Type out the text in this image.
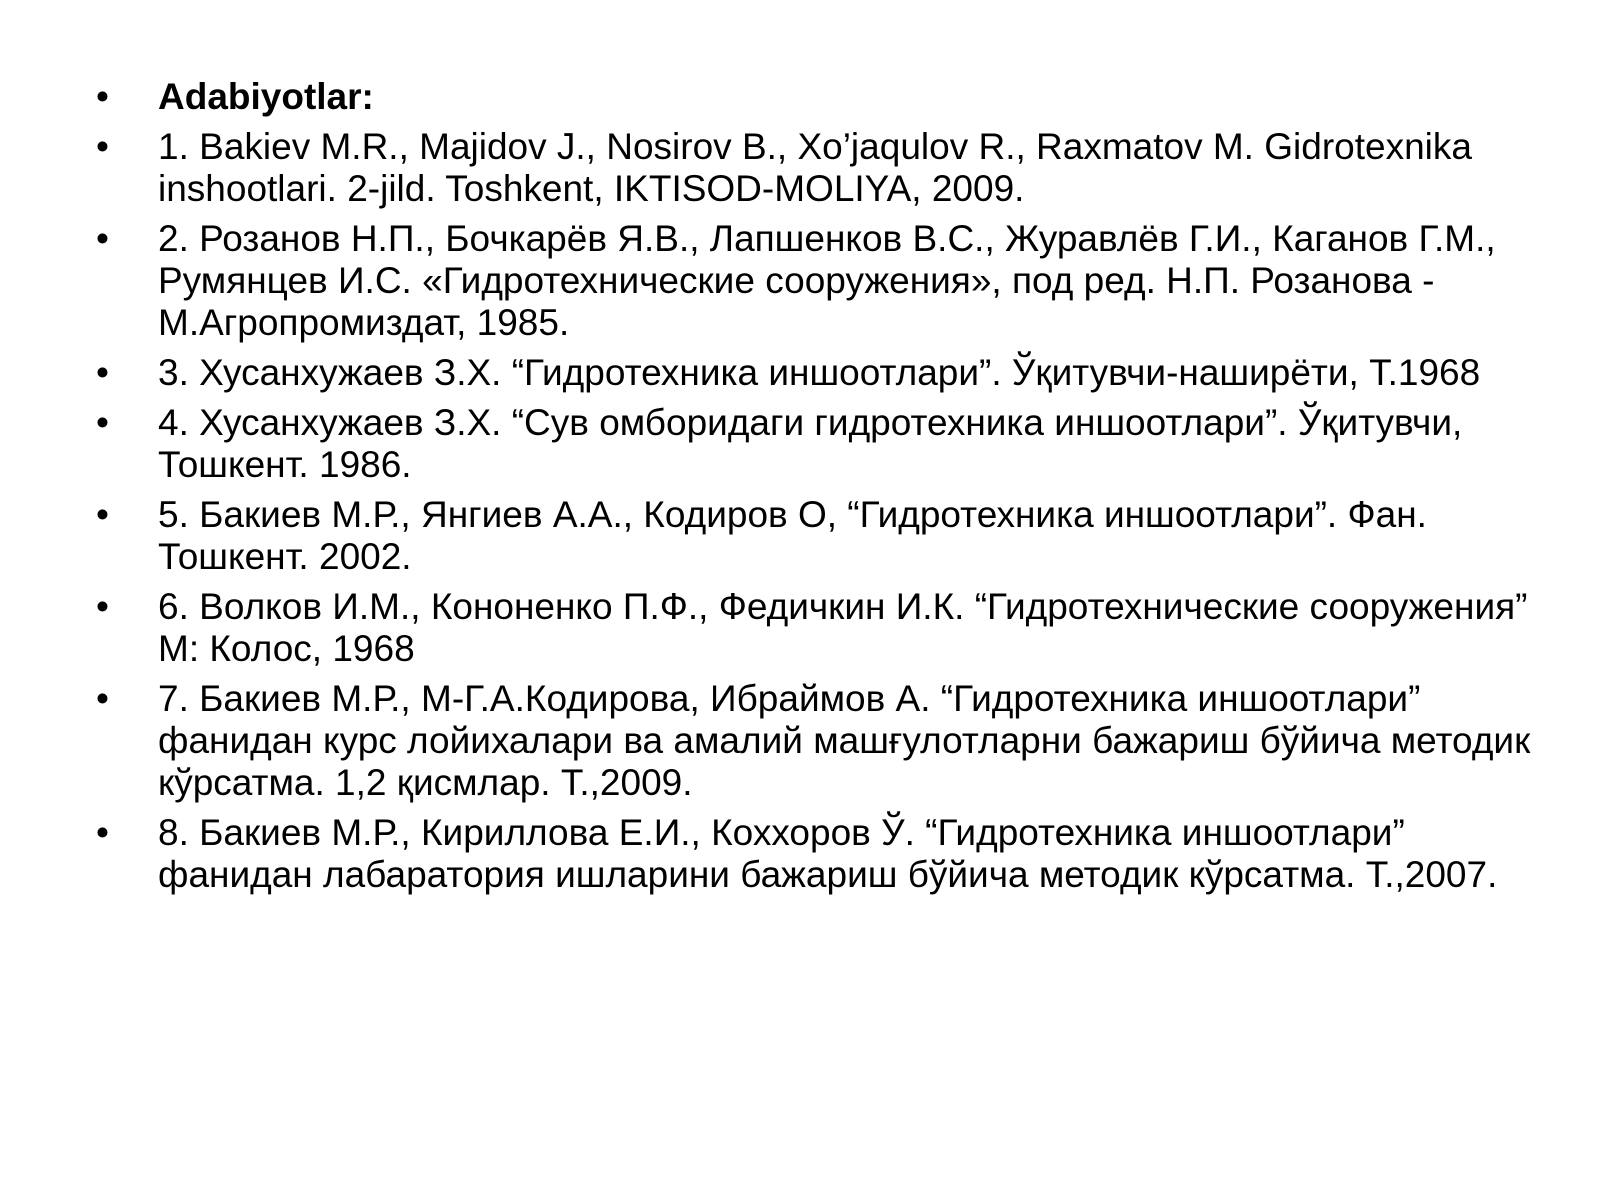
• Adabiyotlar:
• 1. Bakiev M.R., Majidov J., Nosirov B., Xo’jaqulov R., Raxmatov M. Gidrotexnika inshootlari. 2-jild. Toshkent, IKTISOD-MOLIYA, 2009.
• 2. Розанов Н.П., Бочкарёв Я.В., Лапшенков В.С., Журавлёв Г.И., Каганов Г.М., Румянцев И.С. «Гидротехнические сооружения», под ред. Н.П. Розанова - М.Агропромиздат, 1985.
• 3. Хусанхужаев З.Х. “Гидротехника иншоотлари”. Ўқитувчи-наширёти, Т.1968
• 4. Хусанхужаев З.Х. “Сув омборидаги гидротехника иншоотлари”. Ўқитувчи, Тошкент. 1986.
• 5. Бакиев М.Р., Янгиев А.А., Кодиров О, “Гидротехника иншоотлари”. Фан. Тошкент. 2002.
• 6. Волков И.М., Кононенко П.Ф., Федичкин И.К. “Гидротехнические сооружения” М: Колос, 1968
• 7. Бакиев М.Р., М-Г.А.Кодирова, Ибраймов А. “Гидротехника иншоотлари” фанидан курс лойихалари ва амалий машғулотларни бажариш бўйича методик кўрсатма. 1,2 қисмлар. Т.,2009.
• 8. Бакиев М.Р., Кириллова Е.И., Коххоров Ў. “Гидротехника иншоотлари” фанидан лабаратория ишларини бажариш бўйича методик кўрсатма. Т.,2007.
